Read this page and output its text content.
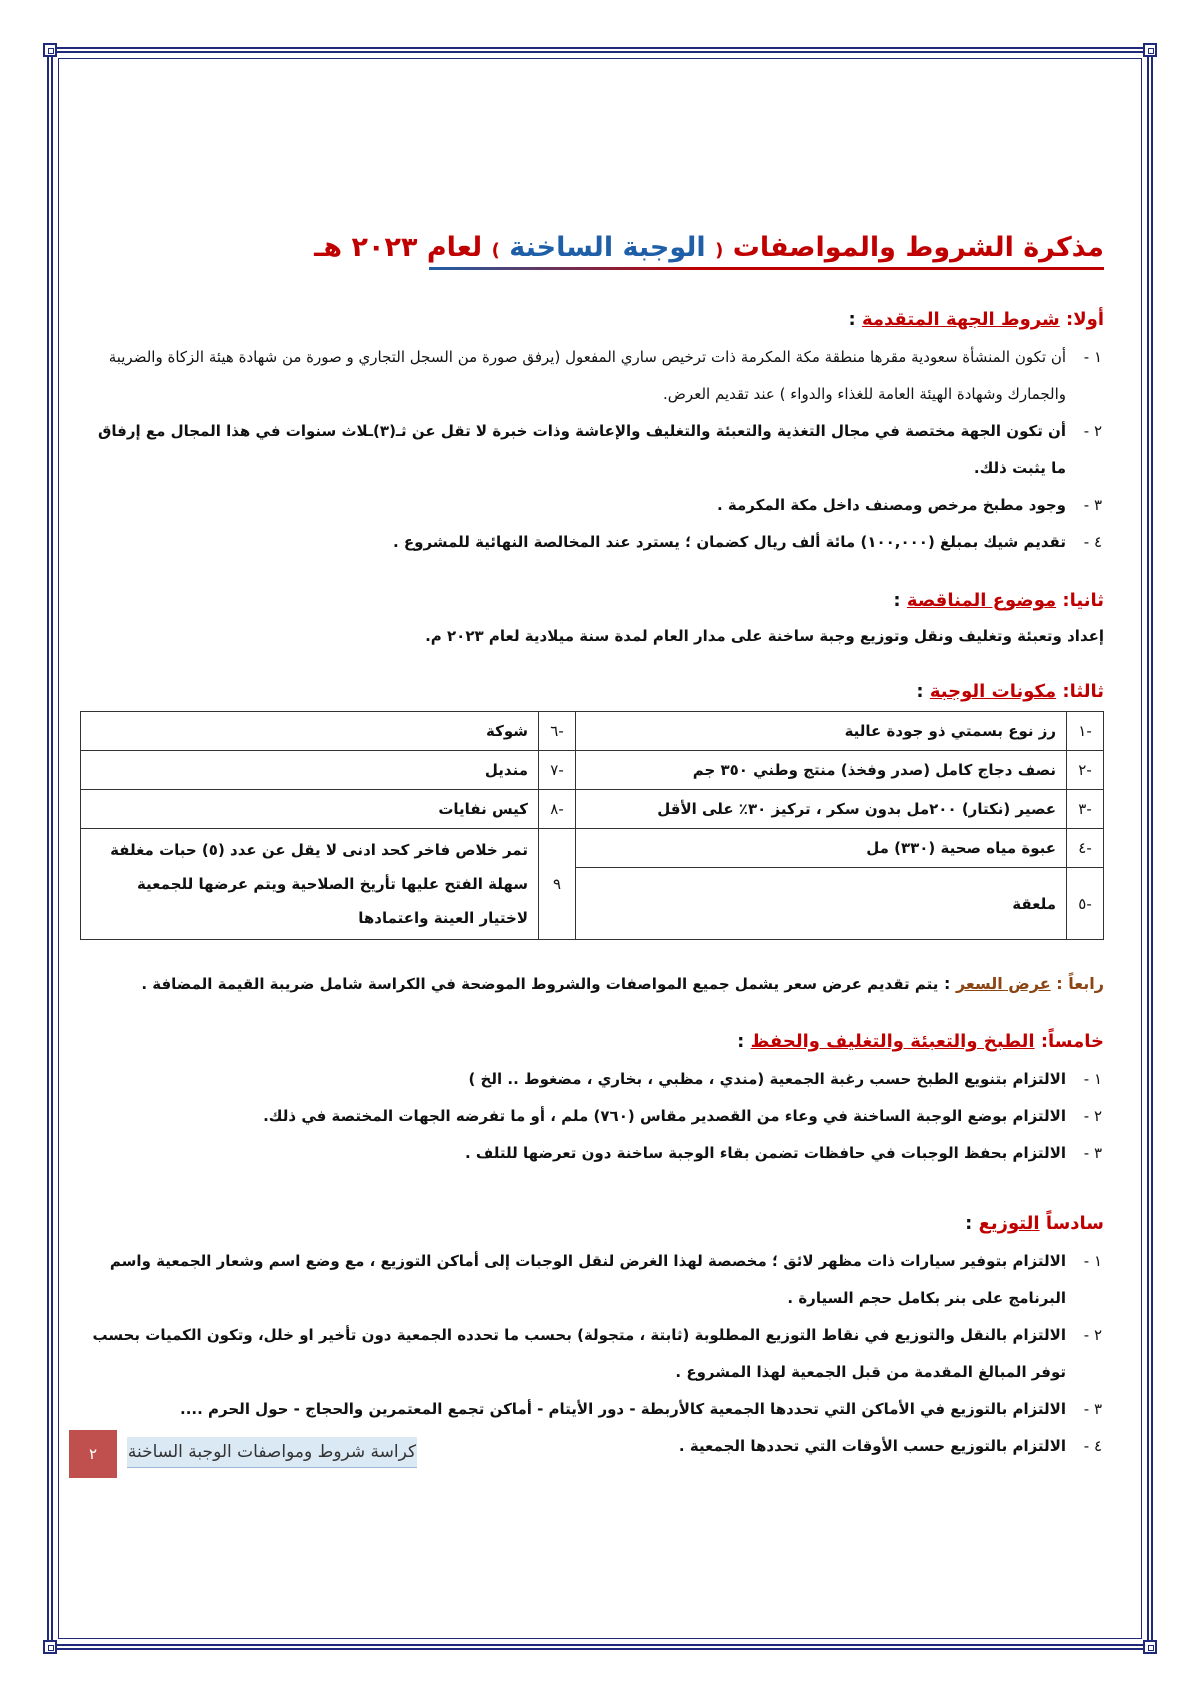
مذكرة الشروط والمواصفات ( الوجبة الساخنة ) لعام ٢٠٢٣ هـ
أولا: شروط الجهة المتقدمة :
١ -
أن تكون المنشأة سعودية مقرها منطقة مكة المكرمة ذات ترخيص ساري المفعول (يرفق صورة من السجل التجاري و صورة من شهادة هيئة الزكاة والضريبة والجمارك وشهادة الهيئة العامة للغذاء والدواء ) عند تقديم العرض.
٢ -
أن تكون الجهة مختصة في مجال التغذية والتعبئة والتغليف والإعاشة وذات خبرة لا تقل عن ثـ(٣)ـلاث سنوات في هذا المجال مع إرفاق ما يثبت ذلك.
٣ -
وجود مطبخ مرخص ومصنف داخل مكة المكرمة .
٤ -
تقديم شيك بمبلغ (١٠٠,٠٠٠) مائة ألف ريال كضمان ؛ يسترد عند المخالصة النهائية للمشروع .
ثانيا: موضوع المناقصة :

إعداد وتعبئة وتغليف ونقل وتوزيع وجبة ساخنة على مدار العام لمدة سنة ميلادية لعام ٢٠٢٣ م.

ثالثا: مكونات الوجبة :
-١	رز نوع بسمتي ذو جودة عالية	-٦	شوكة
-٢	نصف دجاج كامل (صدر وفخذ) منتج وطني ٣٥٠ جم	-٧	منديل
-٣	عصير (نكتار) ٢٠٠مل بدون سكر ، تركيز ٣٠٪ على الأقل	-٨	كيس نفايات
-٤	عبوة مياه صحية (٣٣٠) مل	٩	تمر خلاص فاخر كحد ادنى لا يقل عن عدد (٥) حبات مغلفة سهلة الفتح عليها تأريخ الصلاحية ويتم عرضها للجمعية لاختيار العينة واعتمادها
-٥	ملعقة		
رابعاً : عرض السعر : يتم تقديم عرض سعر يشمل جميع المواصفات والشروط الموضحة في الكراسة شامل ضريبة القيمة المضافة .
خامساً: الطبخ والتعبئة والتغليف والحفظ :
١ -
الالتزام بتنويع الطبخ حسب رغبة الجمعية (مندي ، مظبي ، بخاري ، مضغوط .. الخ )
٢ -
الالتزام بوضع الوجبة الساخنة في وعاء من القصدير مقاس (٧٦٠) ملم ، أو ما تفرضه الجهات المختصة في ذلك.
٣ -
الالتزام بحفظ الوجبات في حافظات تضمن بقاء الوجبة ساخنة دون تعرضها للتلف .
سادساً التوزيع :
١ -
الالتزام بتوفير سيارات ذات مظهر لائق ؛ مخصصة لهذا الغرض لنقل الوجبات إلى أماكن التوزيع ، مع وضع اسم وشعار الجمعية واسم البرنامج على بنر بكامل حجم السيارة .
٢ -
الالتزام بالنقل والتوزيع في نقاط التوزيع المطلوبة (ثابتة ، متجولة) بحسب ما تحدده الجمعية دون تأخير او خلل، وتكون الكميات بحسب توفر المبالغ المقدمة من قبل الجمعية لهذا المشروع .
٣ -
الالتزام بالتوزيع في الأماكن التي تحددها الجمعية كالأربطة - دور الأيتام - أماكن تجمع المعتمرين والحجاج - حول الحرم ....
٤ -
الالتزام بالتوزيع حسب الأوقات التي تحددها الجمعية .
٢	كراسة شروط ومواصفات الوجبة الساخنة
